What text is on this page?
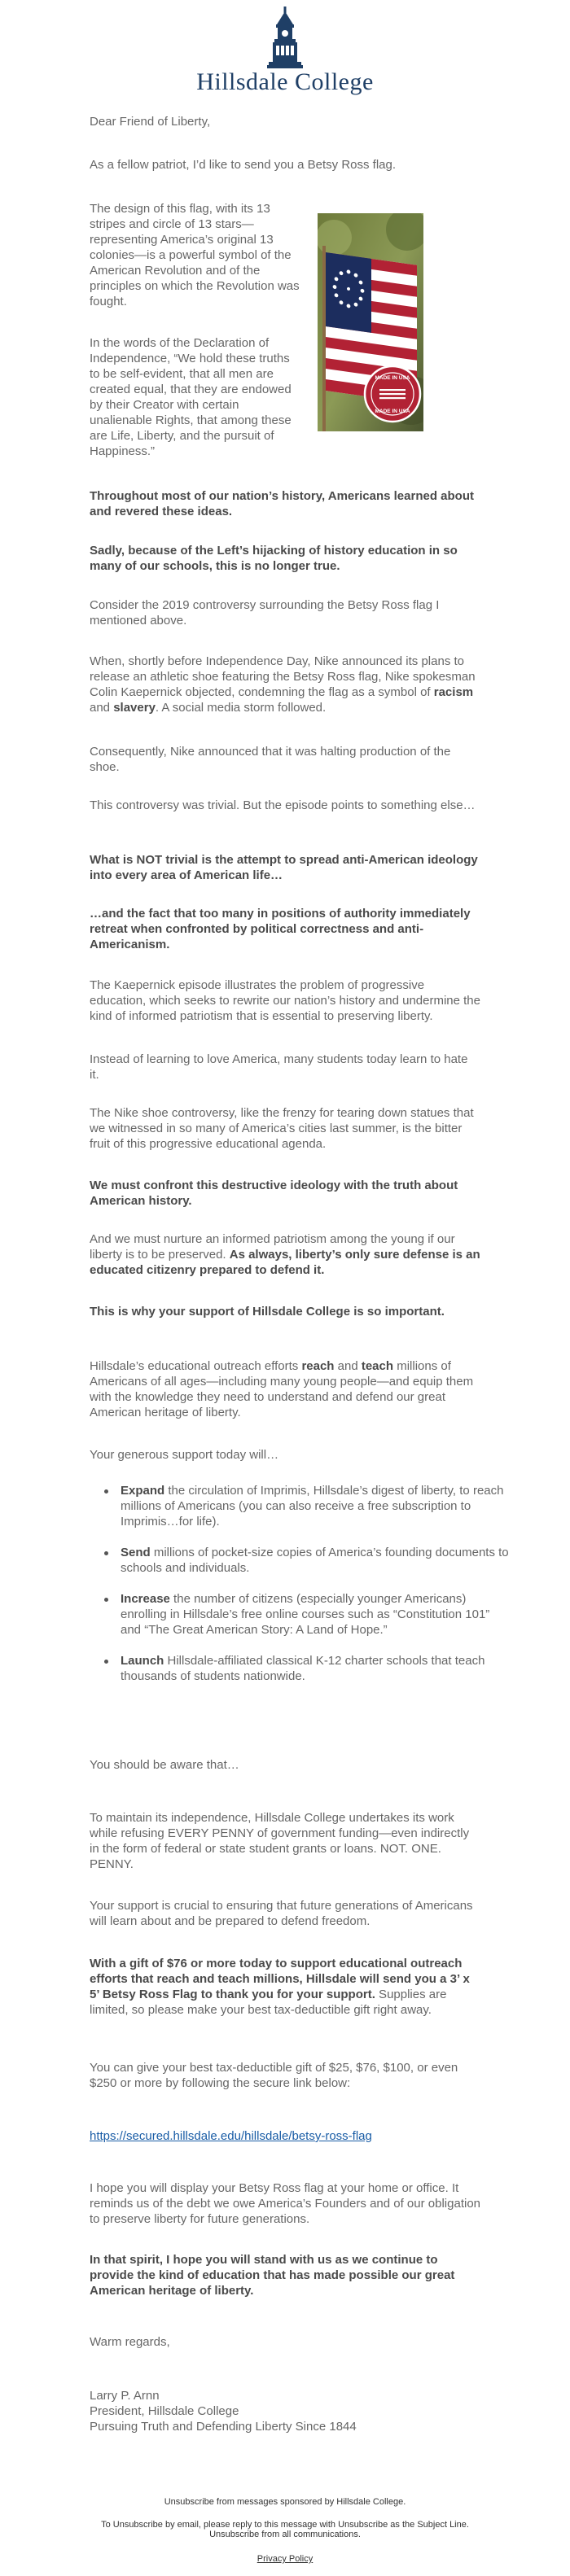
Hillsdale College

Dear Friend of Liberty,

As a fellow patriot, I’d like to send you a Betsy Ross flag.

The design of this flag, with its 13 stripes and circle of 13 stars—representing America’s original 13 colonies—is a powerful symbol of the American Revolution and of the principles on which the Revolution was fought.

In the words of the Declaration of Independence, “We hold these truths to be self-evident, that all men are created equal, that they are endowed by their Creator with certain unalienable Rights, that among these are Life, Liberty, and the pursuit of Happiness.”

MADE IN USA
MADE IN USA

Throughout most of our nation’s history, Americans learned about and revered these ideas.

Sadly, because of the Left’s hijacking of history education in so many of our schools, this is no longer true.

Consider the 2019 controversy surrounding the Betsy Ross flag I mentioned above.

When, shortly before Independence Day, Nike announced its plans to release an athletic shoe featuring the Betsy Ross flag, Nike spokesman Colin Kaepernick objected, condemning the flag as a symbol of racism and slavery. A social media storm followed.

Consequently, Nike announced that it was halting production of the shoe.

This controversy was trivial. But the episode points to something else…

What is NOT trivial is the attempt to spread anti-American ideology into every area of American life…

…and the fact that too many in positions of authority immediately retreat when confronted by political correctness and anti-Americanism.

The Kaepernick episode illustrates the problem of progressive education, which seeks to rewrite our nation’s history and undermine the kind of informed patriotism that is essential to preserving liberty.

Instead of learning to love America, many students today learn to hate it.

The Nike shoe controversy, like the frenzy for tearing down statues that we witnessed in so many of America’s cities last summer, is the bitter fruit of this progressive educational agenda.

We must confront this destructive ideology with the truth about American history.

And we must nurture an informed patriotism among the young if our liberty is to be preserved. As always, liberty’s only sure defense is an educated citizenry prepared to defend it.

This is why your support of Hillsdale College is so important.

Hillsdale’s educational outreach efforts reach and teach millions of Americans of all ages—including many young people—and equip them with the knowledge they need to understand and defend our great American heritage of liberty.

Your generous support today will…

Expand the circulation of Imprimis, Hillsdale’s digest of liberty, to reach millions of Americans (you can also receive a free subscription to Imprimis…for life).
Send millions of pocket-size copies of America’s founding documents to schools and individuals.
Increase the number of citizens (especially younger Americans) enrolling in Hillsdale’s free online courses such as “Constitution 101” and “The Great American Story: A Land of Hope.”
Launch Hillsdale-affiliated classical K-12 charter schools that teach thousands of students nationwide.

You should be aware that…

To maintain its independence, Hillsdale College undertakes its work while refusing EVERY PENNY of government funding—even indirectly in the form of federal or state student grants or loans. NOT. ONE. PENNY.

Your support is crucial to ensuring that future generations of Americans will learn about and be prepared to defend freedom.

With a gift of $76 or more today to support educational outreach efforts that reach and teach millions, Hillsdale will send you a 3’ x 5’ Betsy Ross Flag to thank you for your support. Supplies are limited, so please make your best tax-deductible gift right away.

You can give your best tax-deductible gift of $25, $76, $100, or even $250 or more by following the secure link below:

https://secured.hillsdale.edu/hillsdale/betsy-ross-flag

I hope you will display your Betsy Ross flag at your home or office. It reminds us of the debt we owe America’s Founders and of our obligation to preserve liberty for future generations.

In that spirit, I hope you will stand with us as we continue to provide the kind of education that has made possible our great American heritage of liberty.

Warm regards,

Larry P. Arnn

President, Hillsdale College

Pursuing Truth and Defending Liberty Since 1844

Unsubscribe from messages sponsored by Hillsdale College.
To Unsubscribe by email, please reply to this message with Unsubscribe as the Subject Line.
Unsubscribe from all communications.
Privacy Policy
